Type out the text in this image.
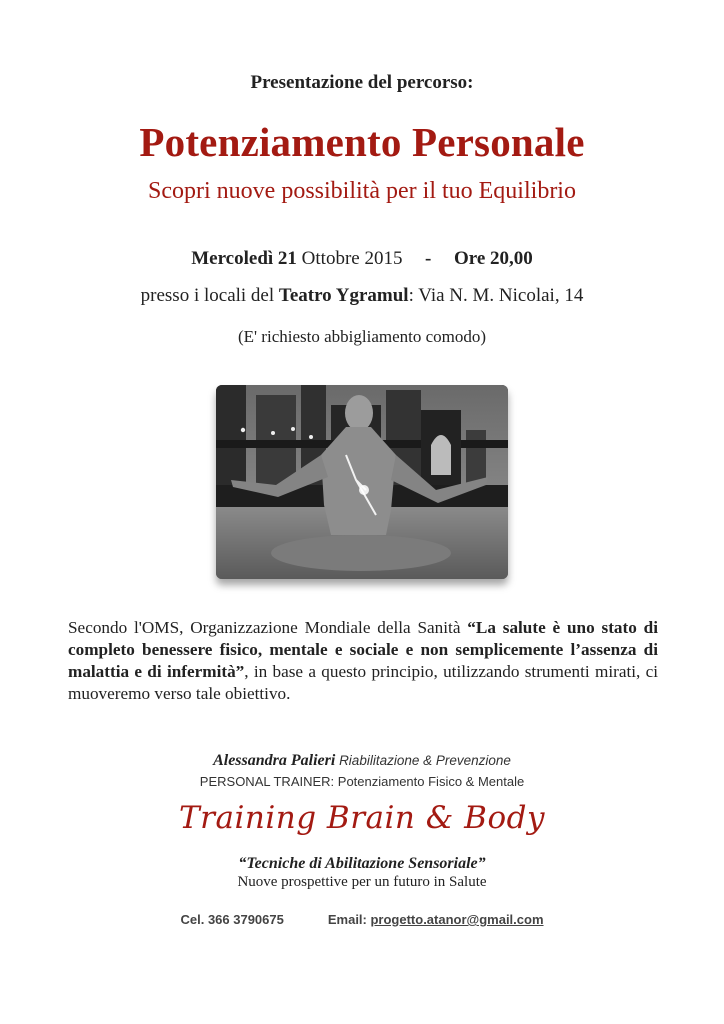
Presentazione del percorso:
Potenziamento Personale
Scopri nuove possibilità per il tuo Equilibrio
Mercoledì 21 Ottobre 2015 - Ore 20,00
presso i locali del Teatro Ygramul: Via N. M. Nicolai, 14
(E' richiesto abbigliamento comodo)
Secondo l'OMS, Organizzazione Mondiale della Sanità “La salute è uno stato di completo benessere fisico, mentale e sociale e non semplicemente l’assenza di malattia e di infermità”, in base a questo principio, utilizzando strumenti mirati, ci muoveremo verso tale obiettivo.
Alessandra Palieri Riabilitazione & Prevenzione
PERSONAL TRAINER: Potenziamento Fisico & Mentale
Training Brain & Body
“Tecniche di Abilitazione Sensoriale”
Nuove prospettive per un futuro in Salute
Cel. 366 3790675	Email: progetto.atanor@gmail.com
